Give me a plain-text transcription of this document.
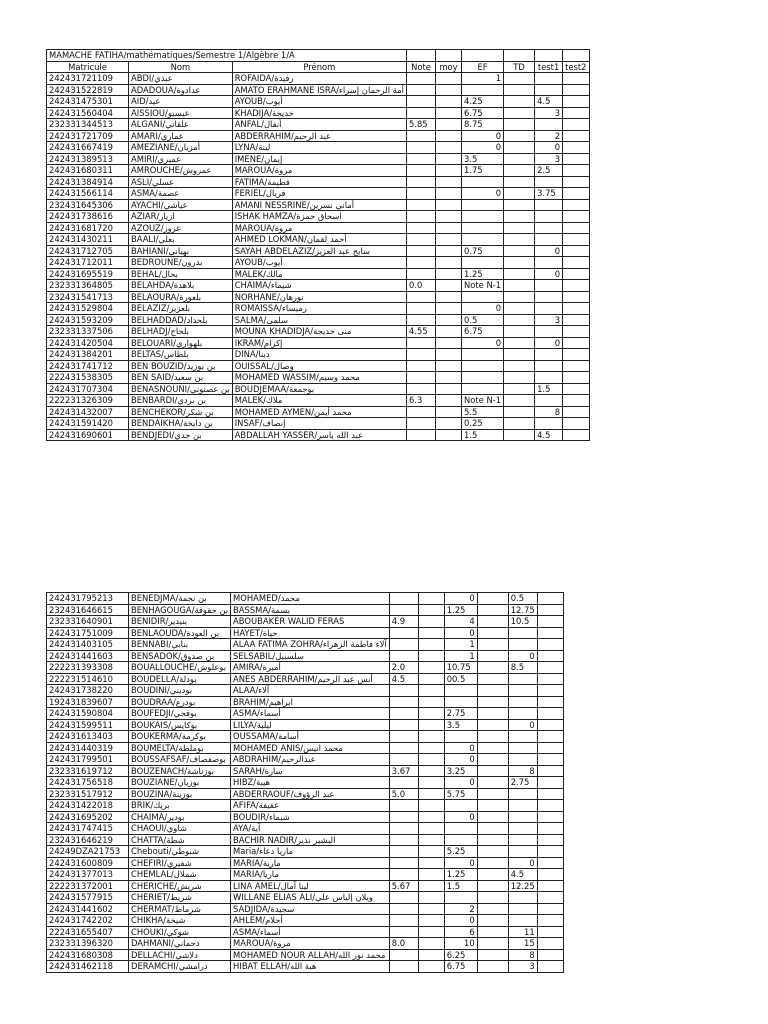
MAMACHE FATIHA/mathématiques/Semestre 1/Algèbre 1/A								
Matricule	Nom	Prénom	Note	moy	EF	TD	test1	test2
242431721109	ABDI/عبدي	ROFAIDA/رفيدة			1			
242431522819	ADADOUA/عدادوة	AMATO ERAHMANE ISRA/أمة الرحمان إسراء						
242431475301	AID/عيد	AYOUB/أيوب			4.25		4.5	
242431560404	AISSIOU/عيسيو	KHADIJA/خديجة			6.75		3	
232331344513	ALGANI/علقاني	ANFAL/أنفال	5.85		8.75			
242431721709	AMARI/عماري	ABDERRAHIM/عبد الرحيم			0		2	
242431667419	AMEZIANE/أمزيان	LYNA/لينة			0		0	
242431389513	AMIRI/عميري	IMENE/إيمان			3.5		3	
242431680311	AMROUCHE/عمروش	MAROUA/مروة			1.75		2.5	
242431384914	ASLI/عسلي	FATIMA/فطيمة						
242431566114	ASMA/عصمة	FERIEL/فريال			0		3.75	
232431645306	AYACHI/عياشي	AMANI NESSRINE/أماني نسرين						
242431738616	AZIAR/ازيار	ISHAK HAMZA/اسحاق حمزة						
242431681720	AZOUZ/عزوز	MAROUA/مروة						
242431430211	BAALI/بعلي	AHMED LOKMAN/أحمد لقمان						
242431712705	BAHIANI/بهياني	SAYAH ABDELAZIZ/سايح عبد العزيز			0.75		0	
242431712011	BEDROUNE/بدرون	AYOUB/أيوب						
242431695519	BEHAL/بحال	MALEK/مالك			1.25		0	
232331364805	BELAHDA/بلاهدة	CHAIMA/شيماء	0.0		Note N-1			
232431541713	BELAOURA/بلعورة	NORHANE/نورهان						
242431529804	BELAZIZ/بلعزيز	ROMAISSA/رميساء			0			
242431593209	BELHADDAD/بلحداد	SALMA/سلمى			0.5		3	
232331337506	BELHADJ/بلحاج	MOUNA KHADIDJA/منى خديجة	4.55		6.75			
242431420504	BELOUARI/بلهواري	IKRAM/إكرام			0		0	
242431384201	BELTAS/بلطاس	DINA/دينا						
242431741712	BEN BOUZID/بن بوزيد	OUISSAL/وصال						
222431538305	BEN SAID/بن سعيد	MOHAMED WASSIM/محمد وسيم						
242431707304	BENASNOUNI/بن عصنوني	BOUDJEMAA/بوجمعة					1.5	
222231326309	BENBARDI/بن بردي	MALEK/ملاك	6.3		Note N-1			
242431432007	BENCHEKOR/بن شكر	MOHAMED AYMEN/محمد أيمن			5.5		8	
242431591420	BENDAIKHA/بن دايخة	INSAF/إنصاف			0.25			
242431690601	BENDJEDI/بن جدي	ABDALLAH YASSER/عبد الله ياسر			1.5		4.5	
242431795213	BENEDJMA/بن نجمة	MOHAMED/محمد			0		0.5	
232431646615	BENHAGOUGA/بن حقوقة	BASSMA/بسمة			1.25		12.75	
232331640901	BENIDIR/بنيدير	ABOUBAKER WALID FERAS	4.9		4		10.5	
242431751009	BENLAOUDA/بن العودة	HAYET/حياة			0			
242431403105	BENNABI/بنابي	ALAA FATIMA ZOHRA/آلاء فاطمة الزهراء			1			
242431441603	BENSADOK/بن صدوق	SELSABIL/سلسبيل			1		0	
222231393308	BOUALLOUCHE/بوعلوش	AMIRA/أميرة	2.0		10.75		8.5	
222231514610	BOUDELLA/بودلة	ANES ABDERRAHIM/أنس عبد الرحيم	4.5		00.5			
242431738220	BOUDINI/بوديني	ALAA/آلاء						
192431839607	BOUDRAA/بودرع	BRAHIM/ابراهيم						
242431590804	BOUFEDJI/بوفجي	ASMA/أسماء			2.75			
242431599511	BOUKAIS/بوكايس	LILYA/ليلية			3.5		0	
242431613403	BOUKERMA/بوكرمة	OUSSAMA/أسامة						
242431440319	BOUMELTA/بوملطة	MOHAMED ANIS/محمد انيس			0			
242431799501	BOUSSAFSAF/بوصفصاف	ABDRAHIM/عبدالرحيم			0			
232331619712	BOUZENACH/بوزناشة	SARAH/سارة	3.67		3.25		8	
242431756518	BOUZIANE/بوزيان	HIBZ/هيبة			0		2.75	
232331517912	BOUZINA/بوزينة	ABDERRAOUF/عبد الرؤوف	5.0		5.75			
242431422018	BRIK/بريك	AFIFA/عفيفة						
242431695202	CHAIMA/بودير	BOUDIR/شيماء			0			
242431747415	CHAOUI/شاوي	AYA/آية						
232431646219	CHATTA/شطة	BACHIR NADIR/البشير نذير						
24249DZA21753	Chebouti/شبوطي	Maria/ماريا دعاء			5.25			
242431600809	CHEFIRI/شفيري	MARIA/مارية			0		0	
242431377013	CHEMLAL/شملال	MARIA/ماريا			1.25		4.5	
222231372001	CHERICHE/شريش	LINA AMEL/لينا آمال	5.67		1.5		12.25	
242431577915	CHERIET/شريط	WILLANE ELIAS ALI/ويلان إلياس علي						
242431441602	CHERMAT/شرماط	SADJIDA/سجيدة			2			
242431742202	CHIKHA/شيخة	AHLEM/أحلام			0			
222431655407	CHOUKI/شوكي	ASMA/أسماء			6		11	
232331396320	DAHMANI/دحماني	MAROUA/مروة	8.0		10		15	
242431680308	DELLACHI/دلاشي	MOHAMED NOUR ALLAH/محمد نور الله			6.25		8	
242431462118	DERAMCHI/درامشي	HIBAT ELLAH/هبة الله			6.75		3	
